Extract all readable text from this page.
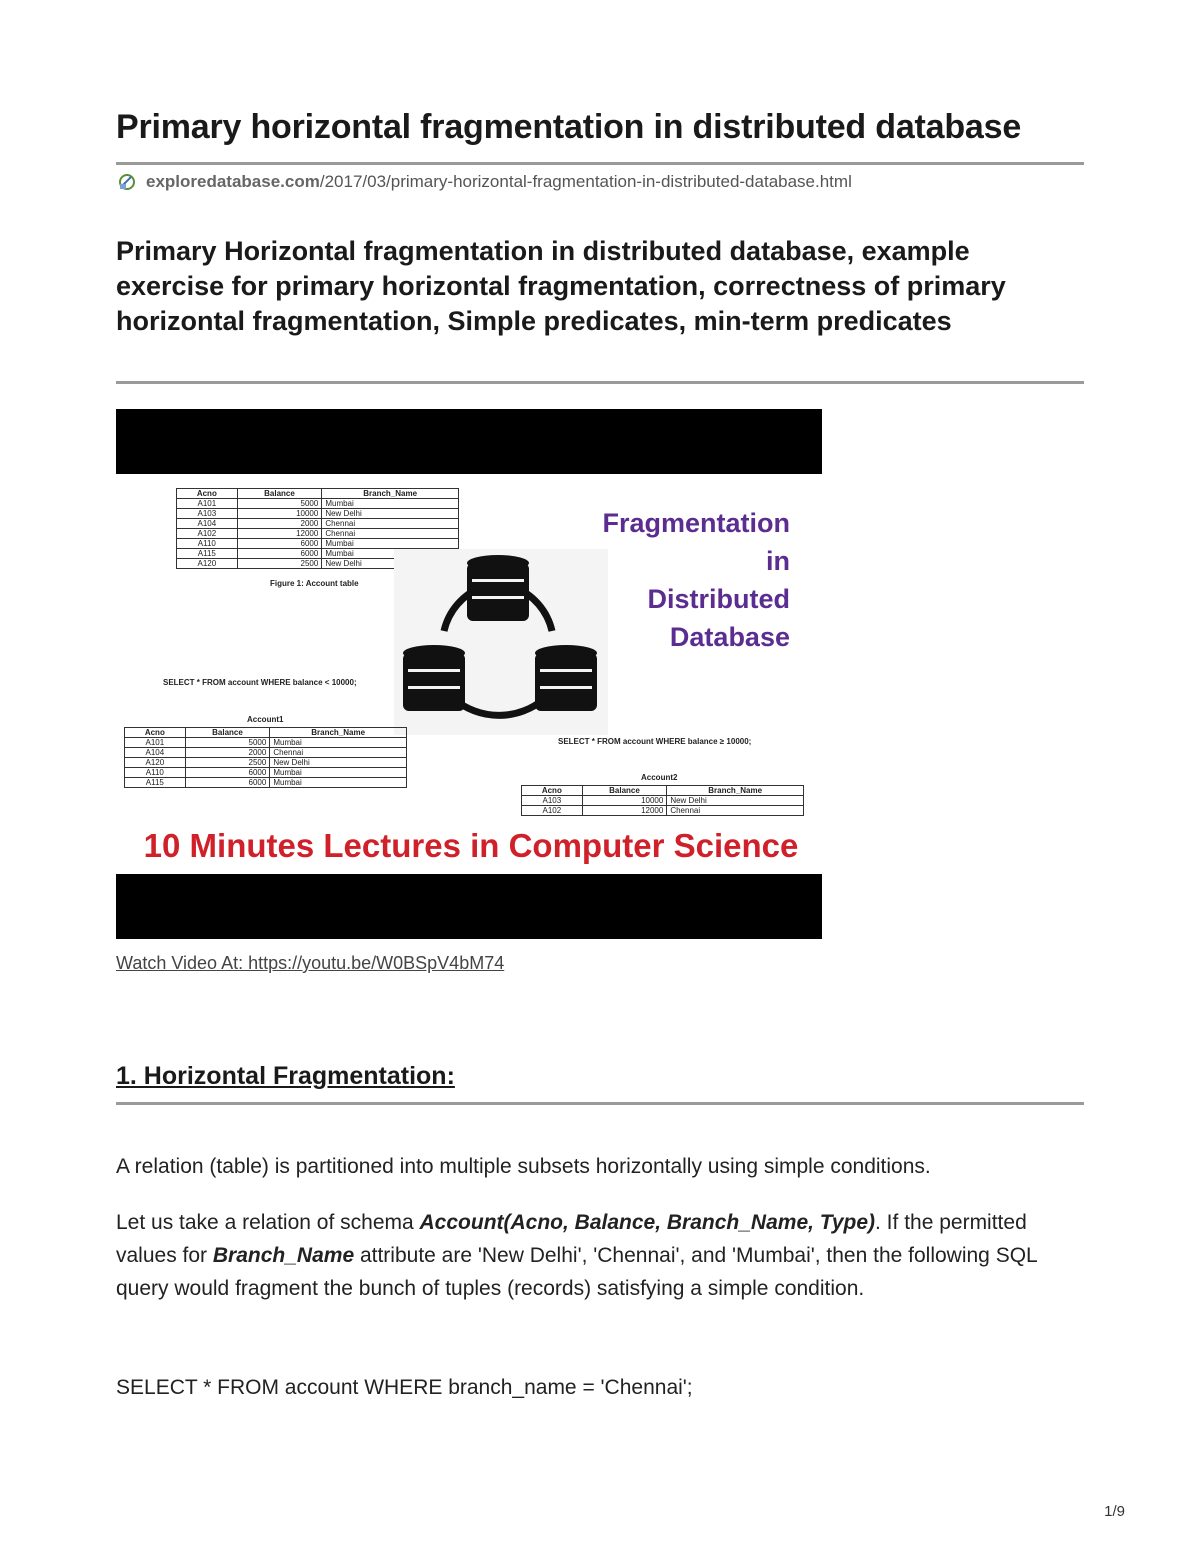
Primary horizontal fragmentation in distributed database
exploredatabase.com /2017/03/primary-horizontal-fragmentation-in-distributed-database.html
Primary Horizontal fragmentation in distributed database, example exercise for primary horizontal fragmentation, correctness of primary horizontal fragmentation, Simple predicates, min-term predicates
Acno	Balance	Branch_Name
A101	5000	Mumbai
A103	10000	New Delhi
A104	2000	Chennai
A102	12000	Chennai
A110	6000	Mumbai
A115	6000	Mumbai
A120	2500	New Delhi
Figure 1: Account table
Fragmentation
in
Distributed
Database
SELECT * FROM account WHERE balance < 10000;
Account1
Acno	Balance	Branch_Name
A101	5000	Mumbai
A104	2000	Chennai
A120	2500	New Delhi
A110	6000	Mumbai
A115	6000	Mumbai
SELECT * FROM account WHERE balance ≥ 10000;
Account2
Acno	Balance	Branch_Name
A103	10000	New Delhi
A102	12000	Chennai
10 Minutes Lectures in Computer Science
Watch Video At: https://youtu.be/W0BSpV4bM74
1. Horizontal Fragmentation:
A relation (table) is partitioned into multiple subsets horizontally using simple conditions.
Let us take a relation of schema Account(Acno, Balance, Branch_Name, Type). If the permitted values for Branch_Name attribute are 'New Delhi', 'Chennai', and 'Mumbai', then the following SQL query would fragment the bunch of tuples (records) satisfying a simple condition.
SELECT * FROM account WHERE branch_name = 'Chennai';
1/9
